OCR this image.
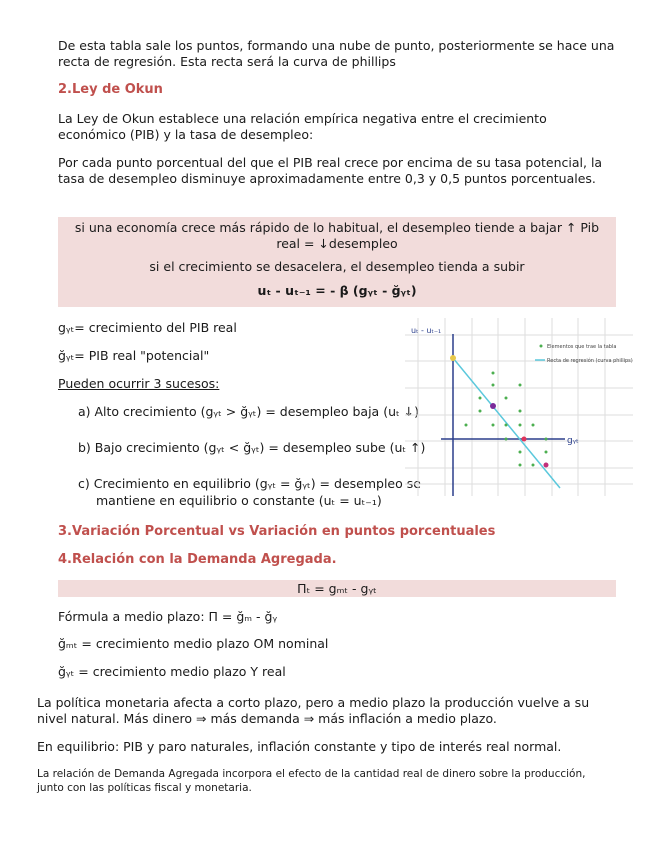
De esta tabla sale los puntos, formando una nube de punto, posteriormente se hace una recta de regresión. Esta recta será la curva de phillips
2.Ley de Okun
La Ley de Okun establece una relación empírica negativa entre el crecimiento económico (PIB) y la tasa de desempleo:
Por cada punto porcentual del que el PIB real crece por encima de su tasa potencial, la tasa de desempleo disminuye aproximadamente entre 0,3 y 0,5 puntos porcentuales.
si una economía crece más rápido de lo habitual, el desempleo tiende a bajar ↑ Pib real = ↓desempleo
si el crecimiento se desacelera, el desempleo tienda a subir
uₜ - uₜ₋₁ = - β (gᵧₜ - ğᵧₜ)
gᵧₜ= crecimiento del PIB real
ğᵧₜ= PIB real "potencial"
Pueden ocurrir 3 sucesos:
a) Alto crecimiento (gᵧₜ > ğᵧₜ) = desempleo baja (uₜ ↓)
b) Bajo crecimiento (gᵧₜ < ğᵧₜ) = desempleo sube (uₜ ↑)
c) Crecimiento en equilibrio (gᵧₜ = ğᵧₜ) = desempleo se mantiene en equilibrio o constante (uₜ = uₜ₋₁)
uₜ - uₜ₋₁
gᵧₜ
Elementos que trae la tabla
Recta de regresión (curva phillips)
3.Variación Porcentual vs Variación en puntos porcentuales
4.Relación con la Demanda Agregada.
Πₜ = gₘₜ - gᵧₜ
Fórmula a medio plazo: Π = ğₘ - ğᵧ
ğₘₜ = crecimiento medio plazo OM nominal
ğᵧₜ = crecimiento medio plazo Y real
La política monetaria afecta a corto plazo, pero a medio plazo la producción vuelve a su nivel natural. Más dinero ⇒ más demanda ⇒ más inflación a medio plazo.
En equilibrio: PIB y paro naturales, inflación constante y tipo de interés real normal.
La relación de Demanda Agregada incorpora el efecto de la cantidad real de dinero sobre la producción, junto con las políticas fiscal y monetaria.
